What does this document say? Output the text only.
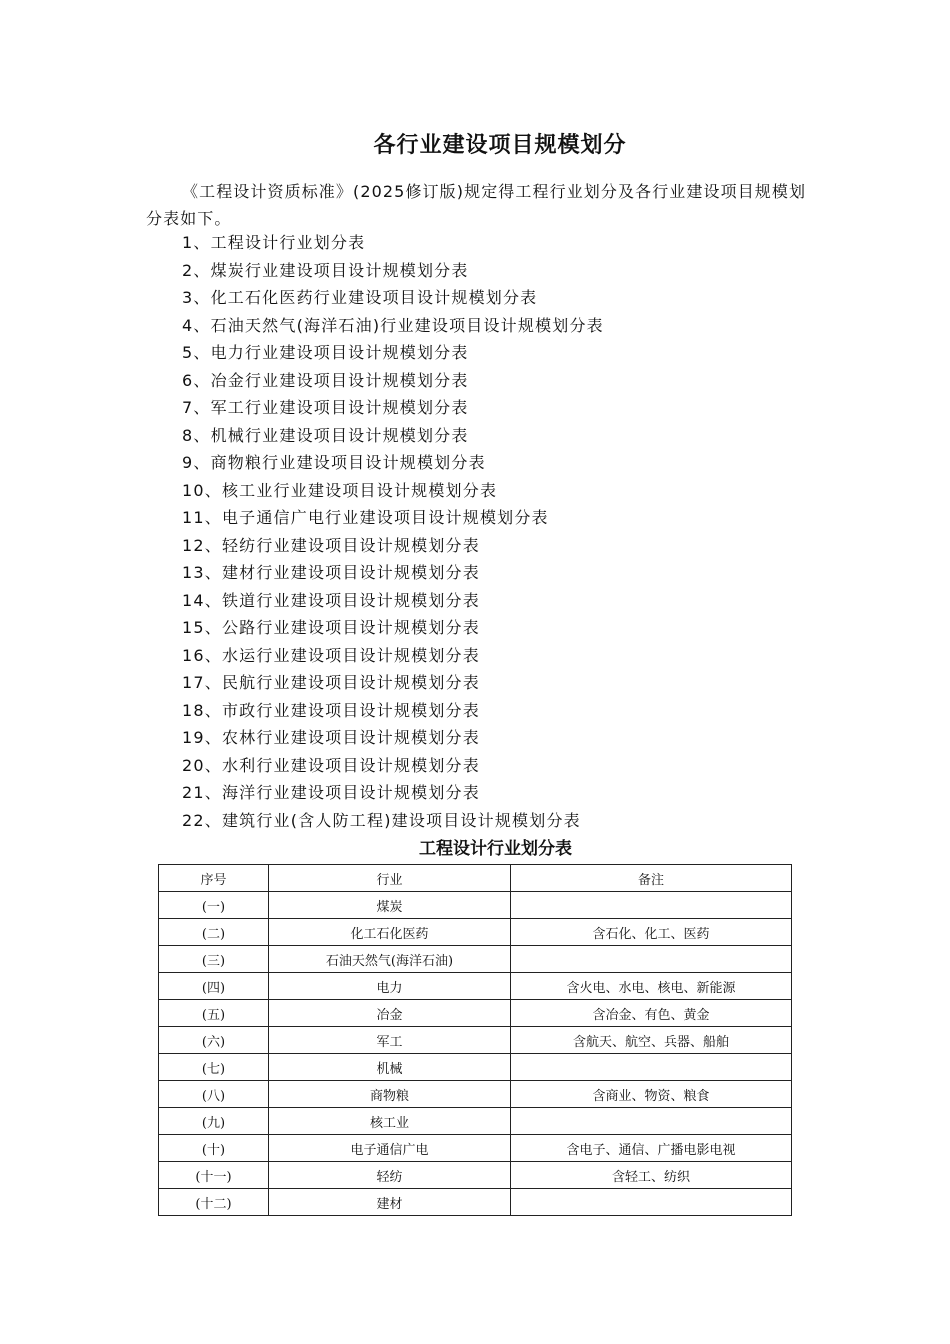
各行业建设项目规模划分

《工程设计资质标准》(2025修订版)规定得工程行业划分及各行业建设项目规模划分表如下。

1、工程设计行业划分表
2、煤炭行业建设项目设计规模划分表
3、化工石化医药行业建设项目设计规模划分表
4、石油天然气(海洋石油)行业建设项目设计规模划分表
5、电力行业建设项目设计规模划分表
6、冶金行业建设项目设计规模划分表
7、军工行业建设项目设计规模划分表
8、机械行业建设项目设计规模划分表
9、商物粮行业建设项目设计规模划分表
10、核工业行业建设项目设计规模划分表
11、电子通信广电行业建设项目设计规模划分表
12、轻纺行业建设项目设计规模划分表
13、建材行业建设项目设计规模划分表
14、铁道行业建设项目设计规模划分表
15、公路行业建设项目设计规模划分表
16、水运行业建设项目设计规模划分表
17、民航行业建设项目设计规模划分表
18、市政行业建设项目设计规模划分表
19、农林行业建设项目设计规模划分表
20、水利行业建设项目设计规模划分表
21、海洋行业建设项目设计规模划分表
22、建筑行业(含人防工程)建设项目设计规模划分表
工程设计行业划分表
序号	行业	备注
(一)	煤炭	
(二)	化工石化医药	含石化、化工、医药
(三)	石油天然气(海洋石油)	
(四)	电力	含火电、水电、核电、新能源
(五)	冶金	含冶金、有色、黄金
(六)	军工	含航天、航空、兵器、船舶
(七)	机械	
(八)	商物粮	含商业、物资、粮食
(九)	核工业	
(十)	电子通信广电	含电子、通信、广播电影电视
(十一)	轻纺	含轻工、纺织
(十二)	建材	
